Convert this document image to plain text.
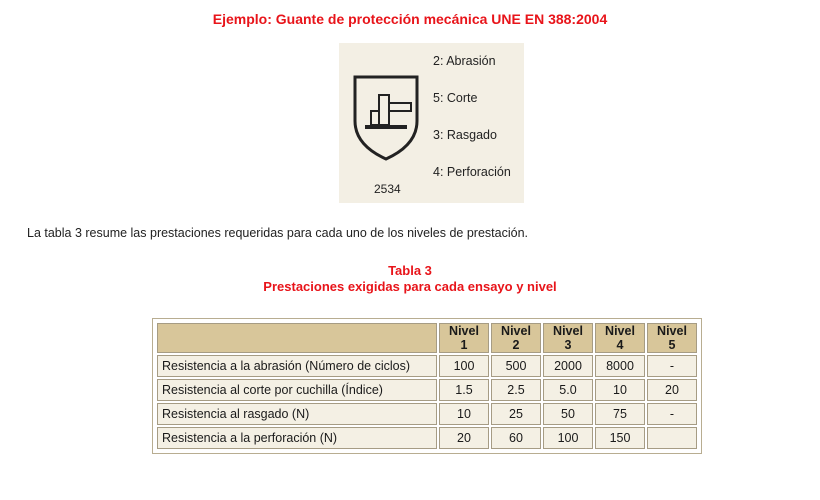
Ejemplo: Guante de protección mecánica UNE EN 388:2004
2534
2: Abrasión
5: Corte
3: Rasgado
4: Perforación
La tabla 3 resume las prestaciones requeridas para cada uno de los niveles de prestación.
Tabla 3
Prestaciones exigidas para cada ensayo y nivel
	Nivel 1	Nivel 2	Nivel 3	Nivel 4	Nivel 5
Resistencia a la abrasión (Número de ciclos)	100	500	2000	8000	-
Resistencia al corte por cuchilla (Índice)	1.5	2.5	5.0	10	20
Resistencia al rasgado (N)	10	25	50	75	-
Resistencia a la perforación (N)	20	60	100	150	
